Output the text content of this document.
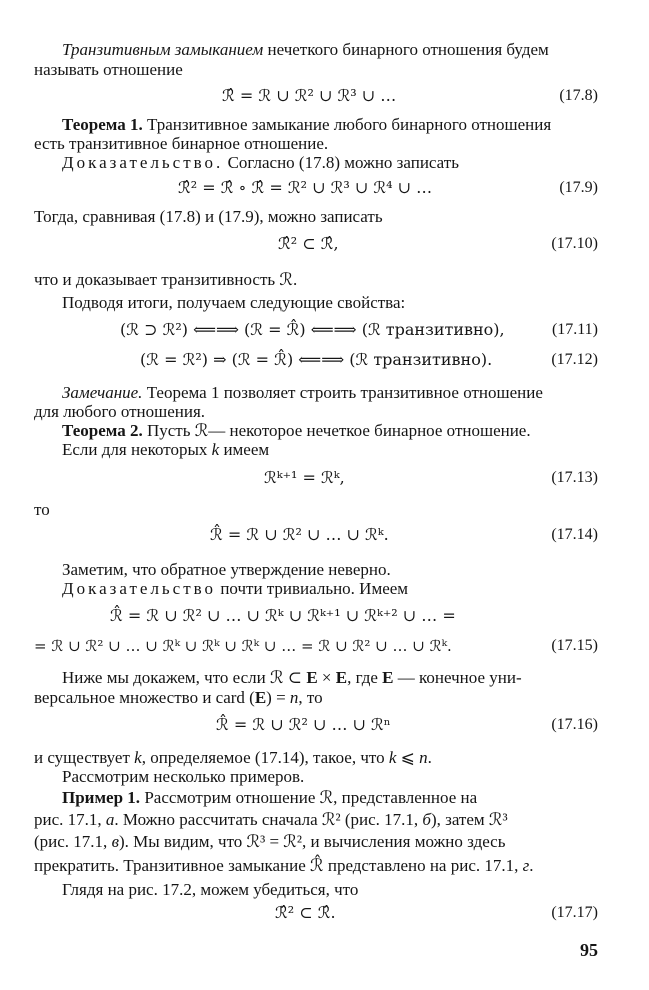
Транзитивным замыканием нечеткого бинарного отношения будем
называть отношение
Теорема 1. Транзитивное замыкание любого бинарного отношения
есть транзитивное бинарное отношение.
Доказательство. Согласно (17.8) можно записать
Тогда, сравнивая (17.8) и (17.9), можно записать
что и доказывает транзитивность ℛ.
Подводя итоги, получаем следующие свойства:
Замечание. Теорема 1 позволяет строить транзитивное отношение
для любого отношения.
Теорема 2. Пусть ℛ— некоторое нечеткое бинарное отношение.
Если для некоторых k имеем
то
Заметим, что обратное утверждение неверно.
Доказательство почти тривиально. Имеем
Ниже мы докажем, что если ℛ ⊂ E × E, где E — конечное уни-
версальное множество и card (E) = n, то
и существует k, определяемое (17.14), такое, что k ⩽ n.
Рассмотрим несколько примеров.
Пример 1. Рассмотрим отношение ℛ, представленное на
рис. 17.1, а. Можно рассчитать сначала ℛ² (рис. 17.1, б), затем ℛ³
(рис. 17.1, в). Мы видим, что ℛ³ = ℛ², и вычисления можно здесь
прекратить. Транзитивное замыкание ℛ̂ представлено на рис. 17.1, г.
Глядя на рис. 17.2, можем убедиться, что
ℛ̂ = ℛ ∪ ℛ² ∪ ℛ³ ∪ …	(17.8)
ℛ̂² = ℛ̂ ∘ ℛ̂ = ℛ² ∪ ℛ³ ∪ ℛ⁴ ∪ …	(17.9)
ℛ̂² ⊂ ℛ̂,	(17.10)
(ℛ ⊃ ℛ²) ⟸⟹ (ℛ = ℛ̂) ⟸⟹ (ℛ транзитивно),	(17.11)
(ℛ = ℛ²) ⇒ (ℛ = ℛ̂) ⟸⟹ (ℛ транзитивно).	(17.12)
ℛᵏ⁺¹ = ℛᵏ,	(17.13)
ℛ̂ = ℛ ∪ ℛ² ∪ … ∪ ℛᵏ.	(17.14)
ℛ̂ = ℛ ∪ ℛ² ∪ … ∪ ℛᵏ ∪ ℛᵏ⁺¹ ∪ ℛᵏ⁺² ∪ … =
= ℛ ∪ ℛ² ∪ … ∪ ℛᵏ ∪ ℛᵏ ∪ ℛᵏ ∪ … = ℛ ∪ ℛ² ∪ … ∪ ℛᵏ.	(17.15)
ℛ̂ = ℛ ∪ ℛ² ∪ … ∪ ℛⁿ	(17.16)
ℛ̂² ⊂ ℛ̂.	(17.17)
95
